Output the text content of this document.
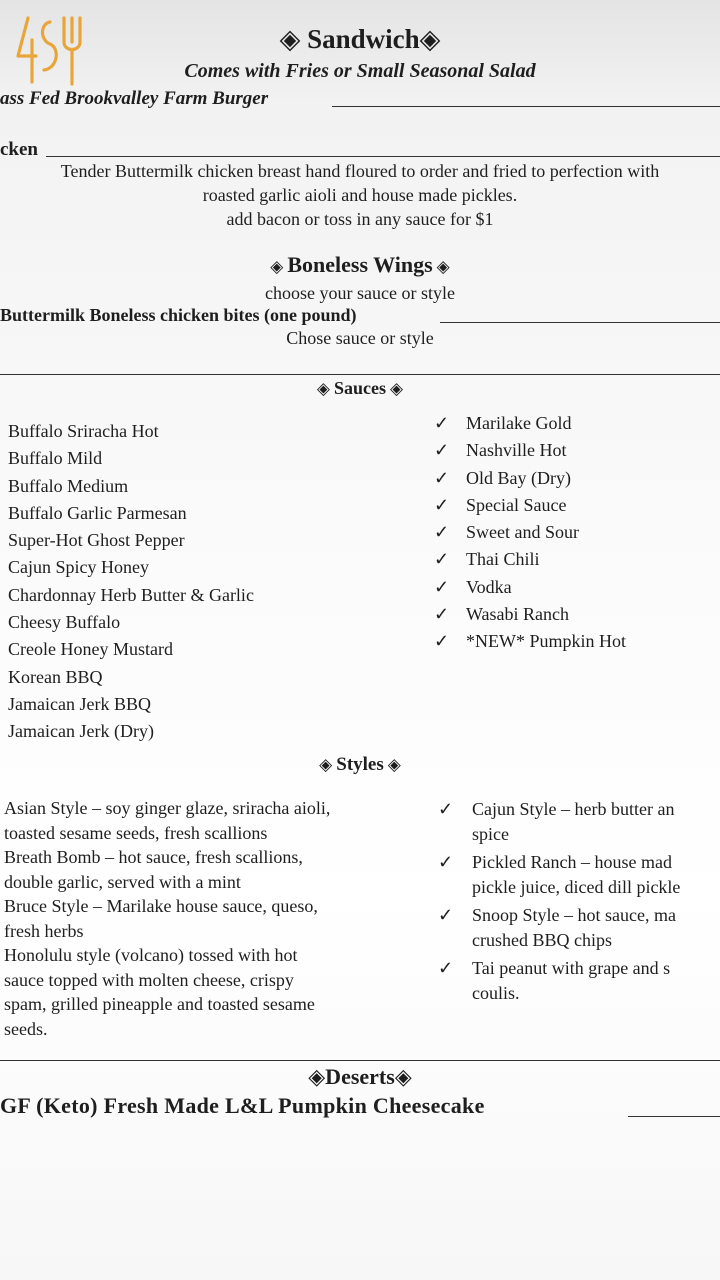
◈ Sandwich◈
Comes with Fries or Small Seasonal Salad
ass Fed Brookvalley Farm Burger
cken
Tender Buttermilk chicken breast hand floured to order and fried to perfection with
roasted garlic aioli and house made pickles.
add bacon or toss in any sauce for $1
◈ Boneless Wings ◈
choose your sauce or style
Buttermilk Boneless chicken bites (one pound)
Chose sauce or style
◈ Sauces ◈
Buffalo Sriracha Hot
Buffalo Mild
Buffalo Medium
Buffalo Garlic Parmesan
Super-Hot Ghost Pepper
Cajun Spicy Honey
Chardonnay Herb Butter & Garlic
Cheesy Buffalo
Creole Honey Mustard
Korean BBQ
Jamaican Jerk BBQ
Jamaican Jerk (Dry)
✓ Marilake Gold
✓ Nashville Hot
✓ Old Bay (Dry)
✓ Special Sauce
✓ Sweet and Sour
✓ Thai Chili
✓ Vodka
✓ Wasabi Ranch
✓ *NEW* Pumpkin Hot
◈ Styles ◈
Asian Style – soy ginger glaze, sriracha aioli,
toasted sesame seeds, fresh scallions
Breath Bomb – hot sauce, fresh scallions,
double garlic, served with a mint
Bruce Style – Marilake house sauce, queso,
fresh herbs
Honolulu style (volcano) tossed with hot
sauce topped with molten cheese, crispy
spam, grilled pineapple and toasted sesame
seeds.
✓	Cajun Style – herb butter an
spice
✓	Pickled Ranch – house mad
pickle juice, diced dill pickle
✓	Snoop Style – hot sauce, ma
crushed BBQ chips
✓	Tai peanut with grape and s
coulis.
◈Deserts◈
GF (Keto) Fresh Made L&L Pumpkin Cheesecake
